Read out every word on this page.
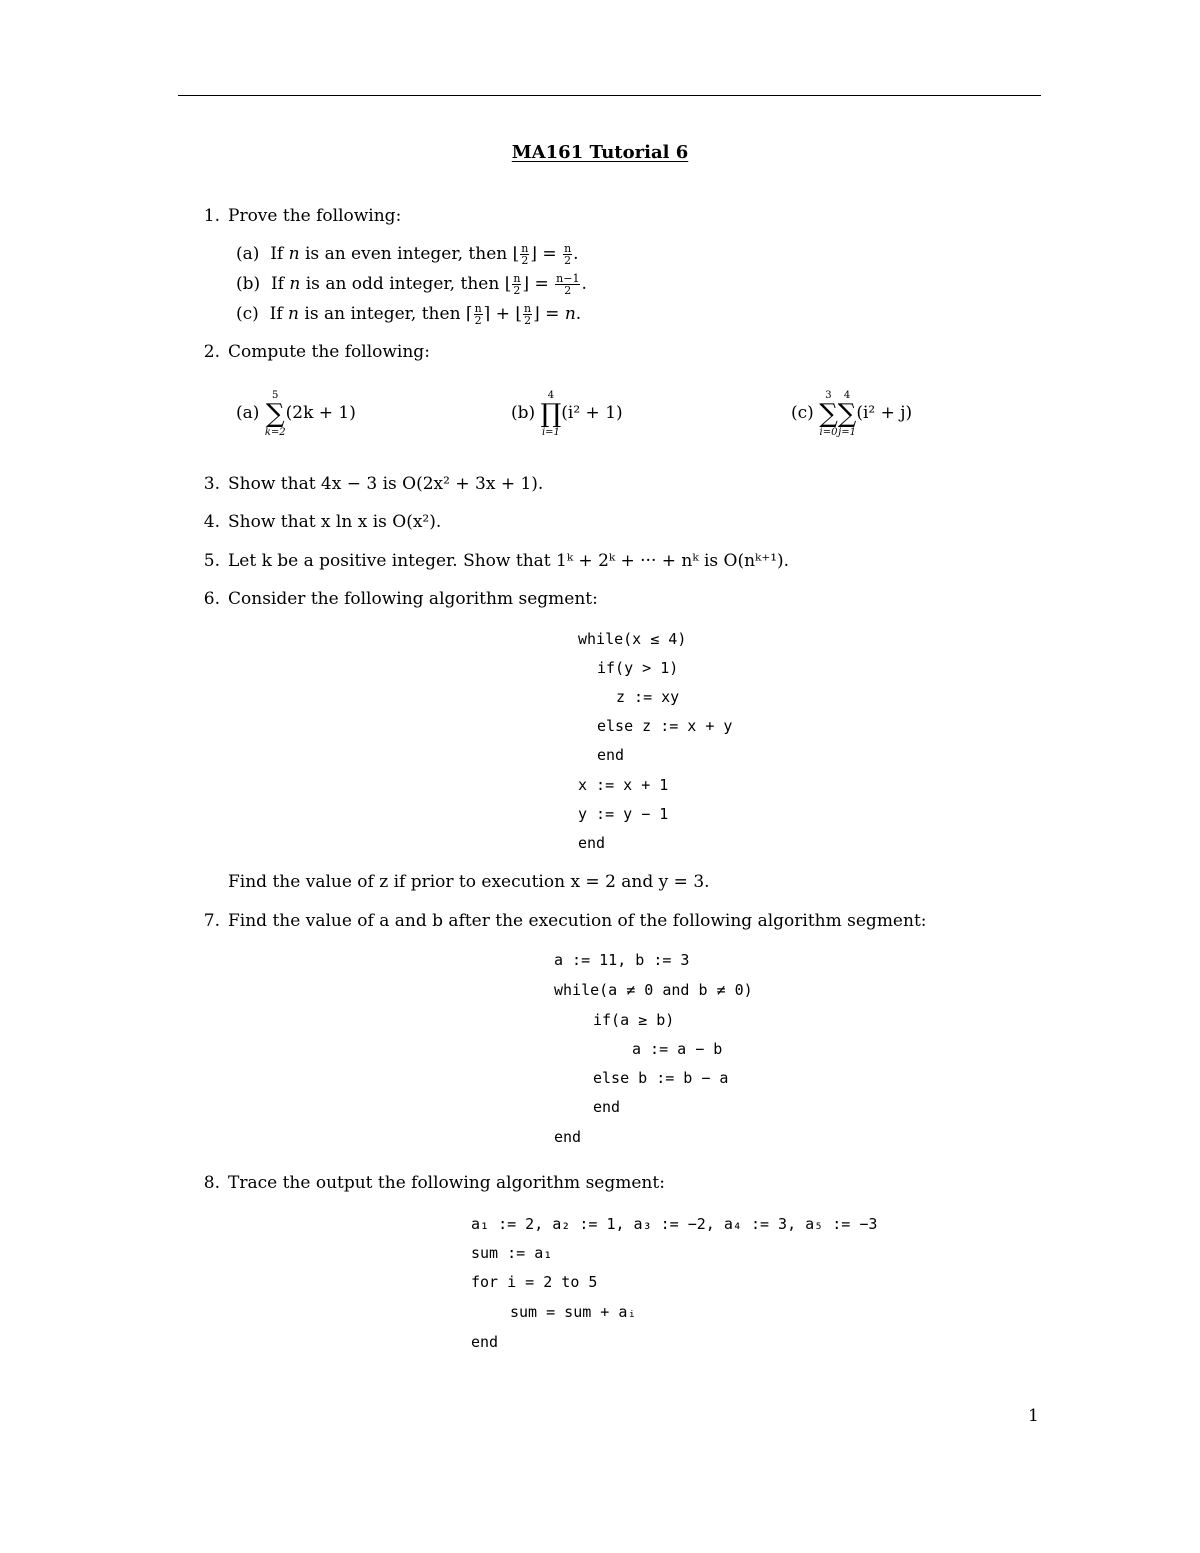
MA161 Tutorial 6
1. Prove the following:
(a) If n is an even integer, then ⌊ $\frac{n}{2}$ ⌋ = $\frac{n}{2}$ .
(b) If n is an odd integer, then ⌊ $\frac{n}{2}$ ⌋ = $\frac{n-1}{2}$ .
(c) If n is an integer, then ⌈ $\frac{n}{2}$ ⌉ + ⌊ $\frac{n}{2}$ ⌋ = n.
2. Compute the following:
(a)
5
∑
k=2
(2k + 1)	(b)
4
∏
i=1
(i² + 1)	(c)
3
∑
i=0
4
∑
j=1
(i² + j)
3. Show that 4x − 3 is O(2x² + 3x + 1).
4. Show that x ln x is O(x²).
5. Let k be a positive integer. Show that 1ᵏ + 2ᵏ + ··· + nᵏ is O(nᵏ⁺¹).
6. Consider the following algorithm segment:
while(x ≤ 4)
if(y > 1)
z := xy
else z := x + y
end
x := x + 1
y := y − 1
end
Find the value of z if prior to execution x = 2 and y = 3.
7. Find the value of a and b after the execution of the following algorithm segment:
a := 11, b := 3
while(a ≠ 0 and b ≠ 0)
if(a ≥ b)
a := a − b
else b := b − a
end
end
8. Trace the output the following algorithm segment:
a₁ := 2, a₂ := 1, a₃ := −2, a₄ := 3, a₅ := −3
sum := a₁
for i = 2 to 5
sum = sum + aᵢ
end
1
